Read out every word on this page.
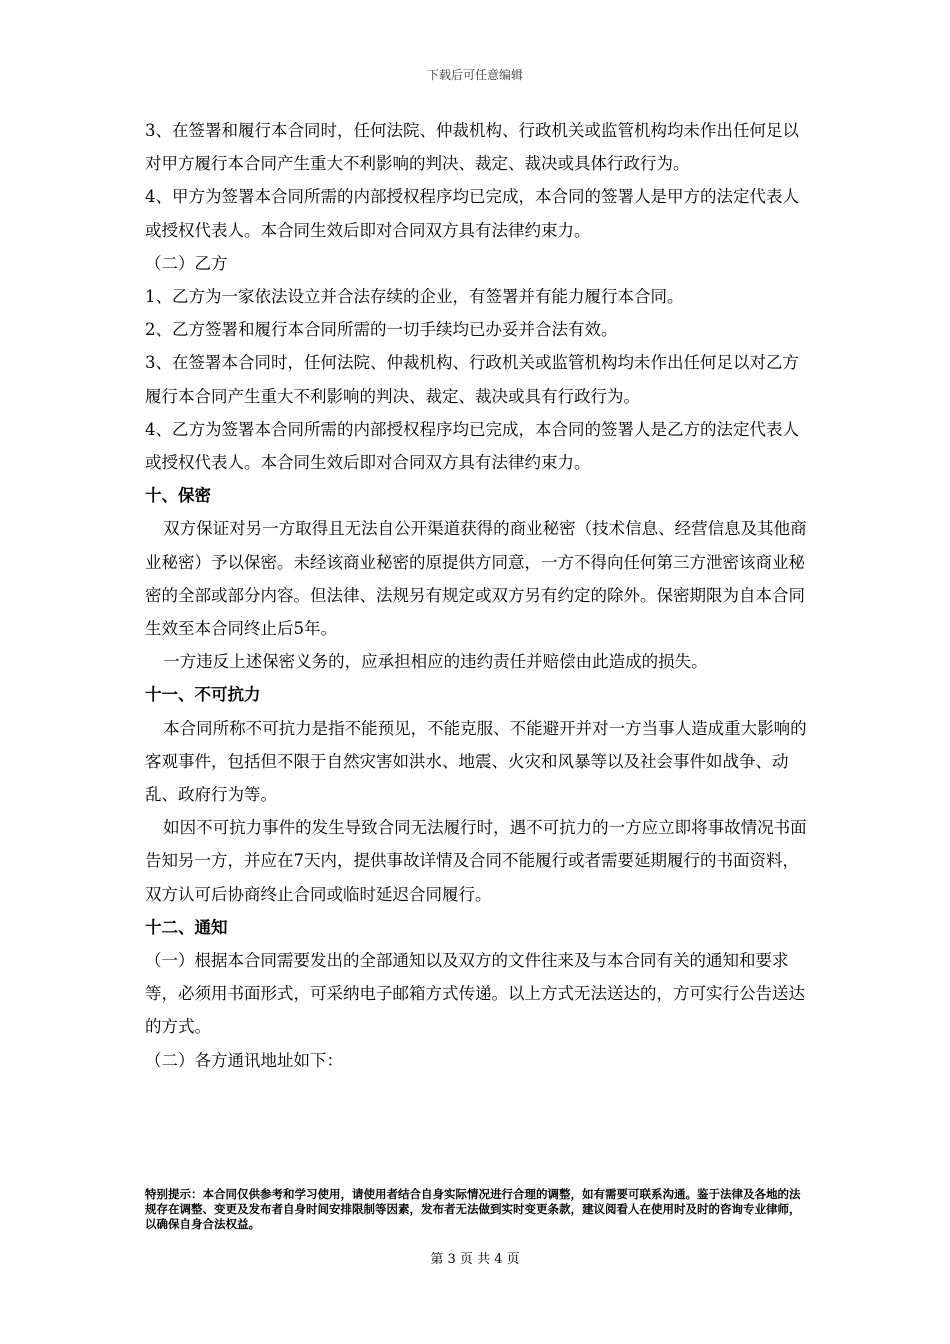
下载后可任意编辑

3、在签署和履行本合同时，任何法院、仲裁机构、行政机关或监管机构均未作出任何足以对甲方履行本合同产生重大不利影响的判决、裁定、裁决或具体行政行为。

4、甲方为签署本合同所需的内部授权程序均已完成，本合同的签署人是甲方的法定代表人或授权代表人。本合同生效后即对合同双方具有法律约束力。

（二）乙方

1、乙方为一家依法设立并合法存续的企业，有签署并有能力履行本合同。

2、乙方签署和履行本合同所需的一切手续均已办妥并合法有效。

3、在签署本合同时，任何法院、仲裁机构、行政机关或监管机构均未作出任何足以对乙方履行本合同产生重大不利影响的判决、裁定、裁决或具有行政行为。

4、乙方为签署本合同所需的内部授权程序均已完成，本合同的签署人是乙方的法定代表人或授权代表人。本合同生效后即对合同双方具有法律约束力。

十、保密

双方保证对另一方取得且无法自公开渠道获得的商业秘密（技术信息、经营信息及其他商业秘密）予以保密。未经该商业秘密的原提供方同意，一方不得向任何第三方泄密该商业秘密的全部或部分内容。但法律、法规另有规定或双方另有约定的除外。保密期限为自本合同生效至本合同终止后5年。

一方违反上述保密义务的，应承担相应的违约责任并赔偿由此造成的损失。

十一、不可抗力

本合同所称不可抗力是指不能预见，不能克服、不能避开并对一方当事人造成重大影响的客观事件，包括但不限于自然灾害如洪水、地震、火灾和风暴等以及社会事件如战争、动乱、政府行为等。

如因不可抗力事件的发生导致合同无法履行时，遇不可抗力的一方应立即将事故情况书面告知另一方，并应在7天内，提供事故详情及合同不能履行或者需要延期履行的书面资料，双方认可后协商终止合同或临时延迟合同履行。

十二、通知

（一）根据本合同需要发出的全部通知以及双方的文件往来及与本合同有关的通知和要求等，必须用书面形式，可采纳电子邮箱方式传递。以上方式无法送达的，方可实行公告送达的方式。

（二）各方通讯地址如下：

特别提示：本合同仅供参考和学习使用，请使用者结合自身实际情况进行合理的调整，如有需要可联系沟通。鉴于法律及各地的法规存在调整、变更及发布者自身时间安排限制等因素，发布者无法做到实时变更条款，建议阅看人在使用时及时的咨询专业律师，以确保自身合法权益。
第 3 页 共 4 页
